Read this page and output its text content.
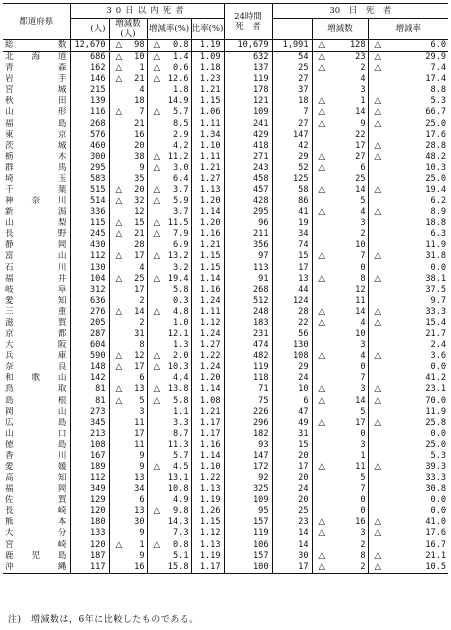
都道府県	30日以内死者						24時間死　者	30　日　死　者				
	(人)	増減数(人)		増減率(%)		比率(%)			増減数		増減率	
総　　数	12,670	△	98	△	0.8	1.19	10,679	1,991	△	128	△	6.0
北海道	686	△	10	△	1.4	1.09	632	54	△	23	△	29.9
青森	162	△	1	△	0.6	1.18	137	25	△	2	△	7.4
岩手	146	△	21	△	12.6	1.23	119	27		4		17.4
宮城	215		4		1.8	1.21	178	37		3		8.8
秋田	139		18		14.9	1.15	121	18	△	1	△	5.3
山形	116	△	7	△	5.7	1.06	109	7	△	14	△	66.7
福島	268		21		8.5	1.11	241	27	△	9	△	25.0
東京	576		16		2.9	1.34	429	147		22		17.6
茨城	460		20		4.2	1.10	418	42		17	△	28.8
栃木	300		38	△	11.2	1.11	271	29	△	27	△	48.2
群馬	295		9	△	3.0	1.21	243	52	△	6		10.3
埼玉	583		35		6.4	1.27	458	125		25		25.0
千葉	515	△	20	△	3.7	1.13	457	58	△	14	△	19.4
神奈川	514	△	32	△	5.9	1.20	428	86		5		6.2
新潟	336		12		3.7	1.14	295	41	△	4	△	8.9
山梨	115	△	15	△	11.5	1.20	96	19		3		18.8
長野	245	△	21	△	7.9	1.16	211	34		2		6.3
静岡	430		28		6.9	1.21	356	74		10		11.9
富山	112	△	17	△	13.2	1.15	97	15	△	7	△	31.8
石川	130		4		3.2	1.15	113	17		0		0.0
福井	104	△	25	△	19.4	1.14	91	13	△	8	△	38.1
岐阜	312		17		5.8	1.16	268	44		12		37.5
愛知	636		2		0.3	1.24	512	124		11		9.7
三重	276	△	14	△	4.8	1.11	248	28	△	14	△	33.3
滋賀	205		2		1.0	1.12	183	22	△	4	△	15.4
京都	287		31		12.1	1.24	231	56		10		21.7
大阪	604		8		1.3	1.27	474	130		3		2.4
兵庫	590	△	12	△	2.0	1.22	482	108	△	4	△	3.6
奈良	148	△	17	△	10.3	1.24	119	29		0		0.0
和歌山	142		6		4.4	1.20	118	24		7		41.2
鳥取	81	△	13	△	13.8	1.14	71	10	△	3	△	23.1
島根	81	△	5	△	5.8	1.08	75	6	△	14	△	70.0
岡山	273		3		1.1	1.21	226	47		5		11.9
広島	345		11		3.3	1.17	296	49	△	17	△	25.8
山口	213		17		8.7	1.17	182	31		0		0.0
徳島	108		11		11.3	1.16	93	15		3		25.0
香川	167		9		5.7	1.14	147	20		1		5.3
愛媛	189		9	△	4.5	1.10	172	17	△	11	△	39.3
高知	112		13		13.1	1.22	92	20		5		33.3
福岡	349		34		10.8	1.13	325	24		7		30.8
佐賀	129		6		4.9	1.19	109	20		0		0.0
長崎	120		13	△	9.8	1.26	95	25		0		0.0
熊本	180		30		14.3	1.15	157	23	△	16	△	41.0
大分	133		9		7.3	1.12	119	14	△	3	△	17.6
宮崎	120	△	1	△	0.8	1.13	106	14		2		16.7
鹿児島	187		9		5.1	1.19	157	30	△	8	△	21.1
沖縄	117		16		15.8	1.17	100	17	△	2	△	10.5
注)　増減数は，6年に比較したものである。
